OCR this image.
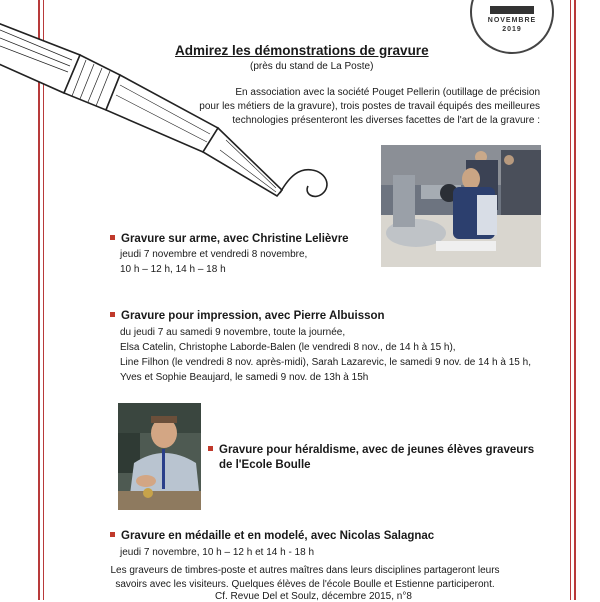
NOVEMBRE
2019
Admirez les démonstrations de gravure
(près du stand de La Poste)
En association avec la société Pouget Pellerin (outillage de précision
pour les métiers de la gravure), trois postes de travail équipés des meilleures
technologies présenteront les diverses facettes de l'art de la gravure :
Gravure sur arme, avec Christine Lelièvre
jeudi 7 novembre et vendredi 8 novembre,
10 h – 12 h, 14 h – 18 h
Gravure pour impression, avec Pierre Albuisson
du jeudi 7 au samedi 9 novembre, toute la journée,
Elsa Catelin, Christophe Laborde-Balen (le vendredi 8 nov., de 14 h à 15 h),
Line Filhon (le vendredi 8 nov. après-midi), Sarah Lazarevic, le samedi 9 nov. de 14 h à 15 h,
Yves et Sophie Beaujard, le samedi 9 nov. de 13h à 15h
Gravure pour héraldisme, avec de jeunes élèves graveurs
de l'Ecole Boulle
Gravure en médaille et en modelé, avec Nicolas Salagnac
jeudi 7 novembre, 10 h – 12 h et 14 h - 18 h
Les graveurs de timbres-poste et autres maîtres dans leurs disciplines partageront leurs
savoirs avec les visiteurs. Quelques élèves de l'école Boulle et Estienne participeront.
Cf. Revue Del et Soulz, décembre 2015, n°8
